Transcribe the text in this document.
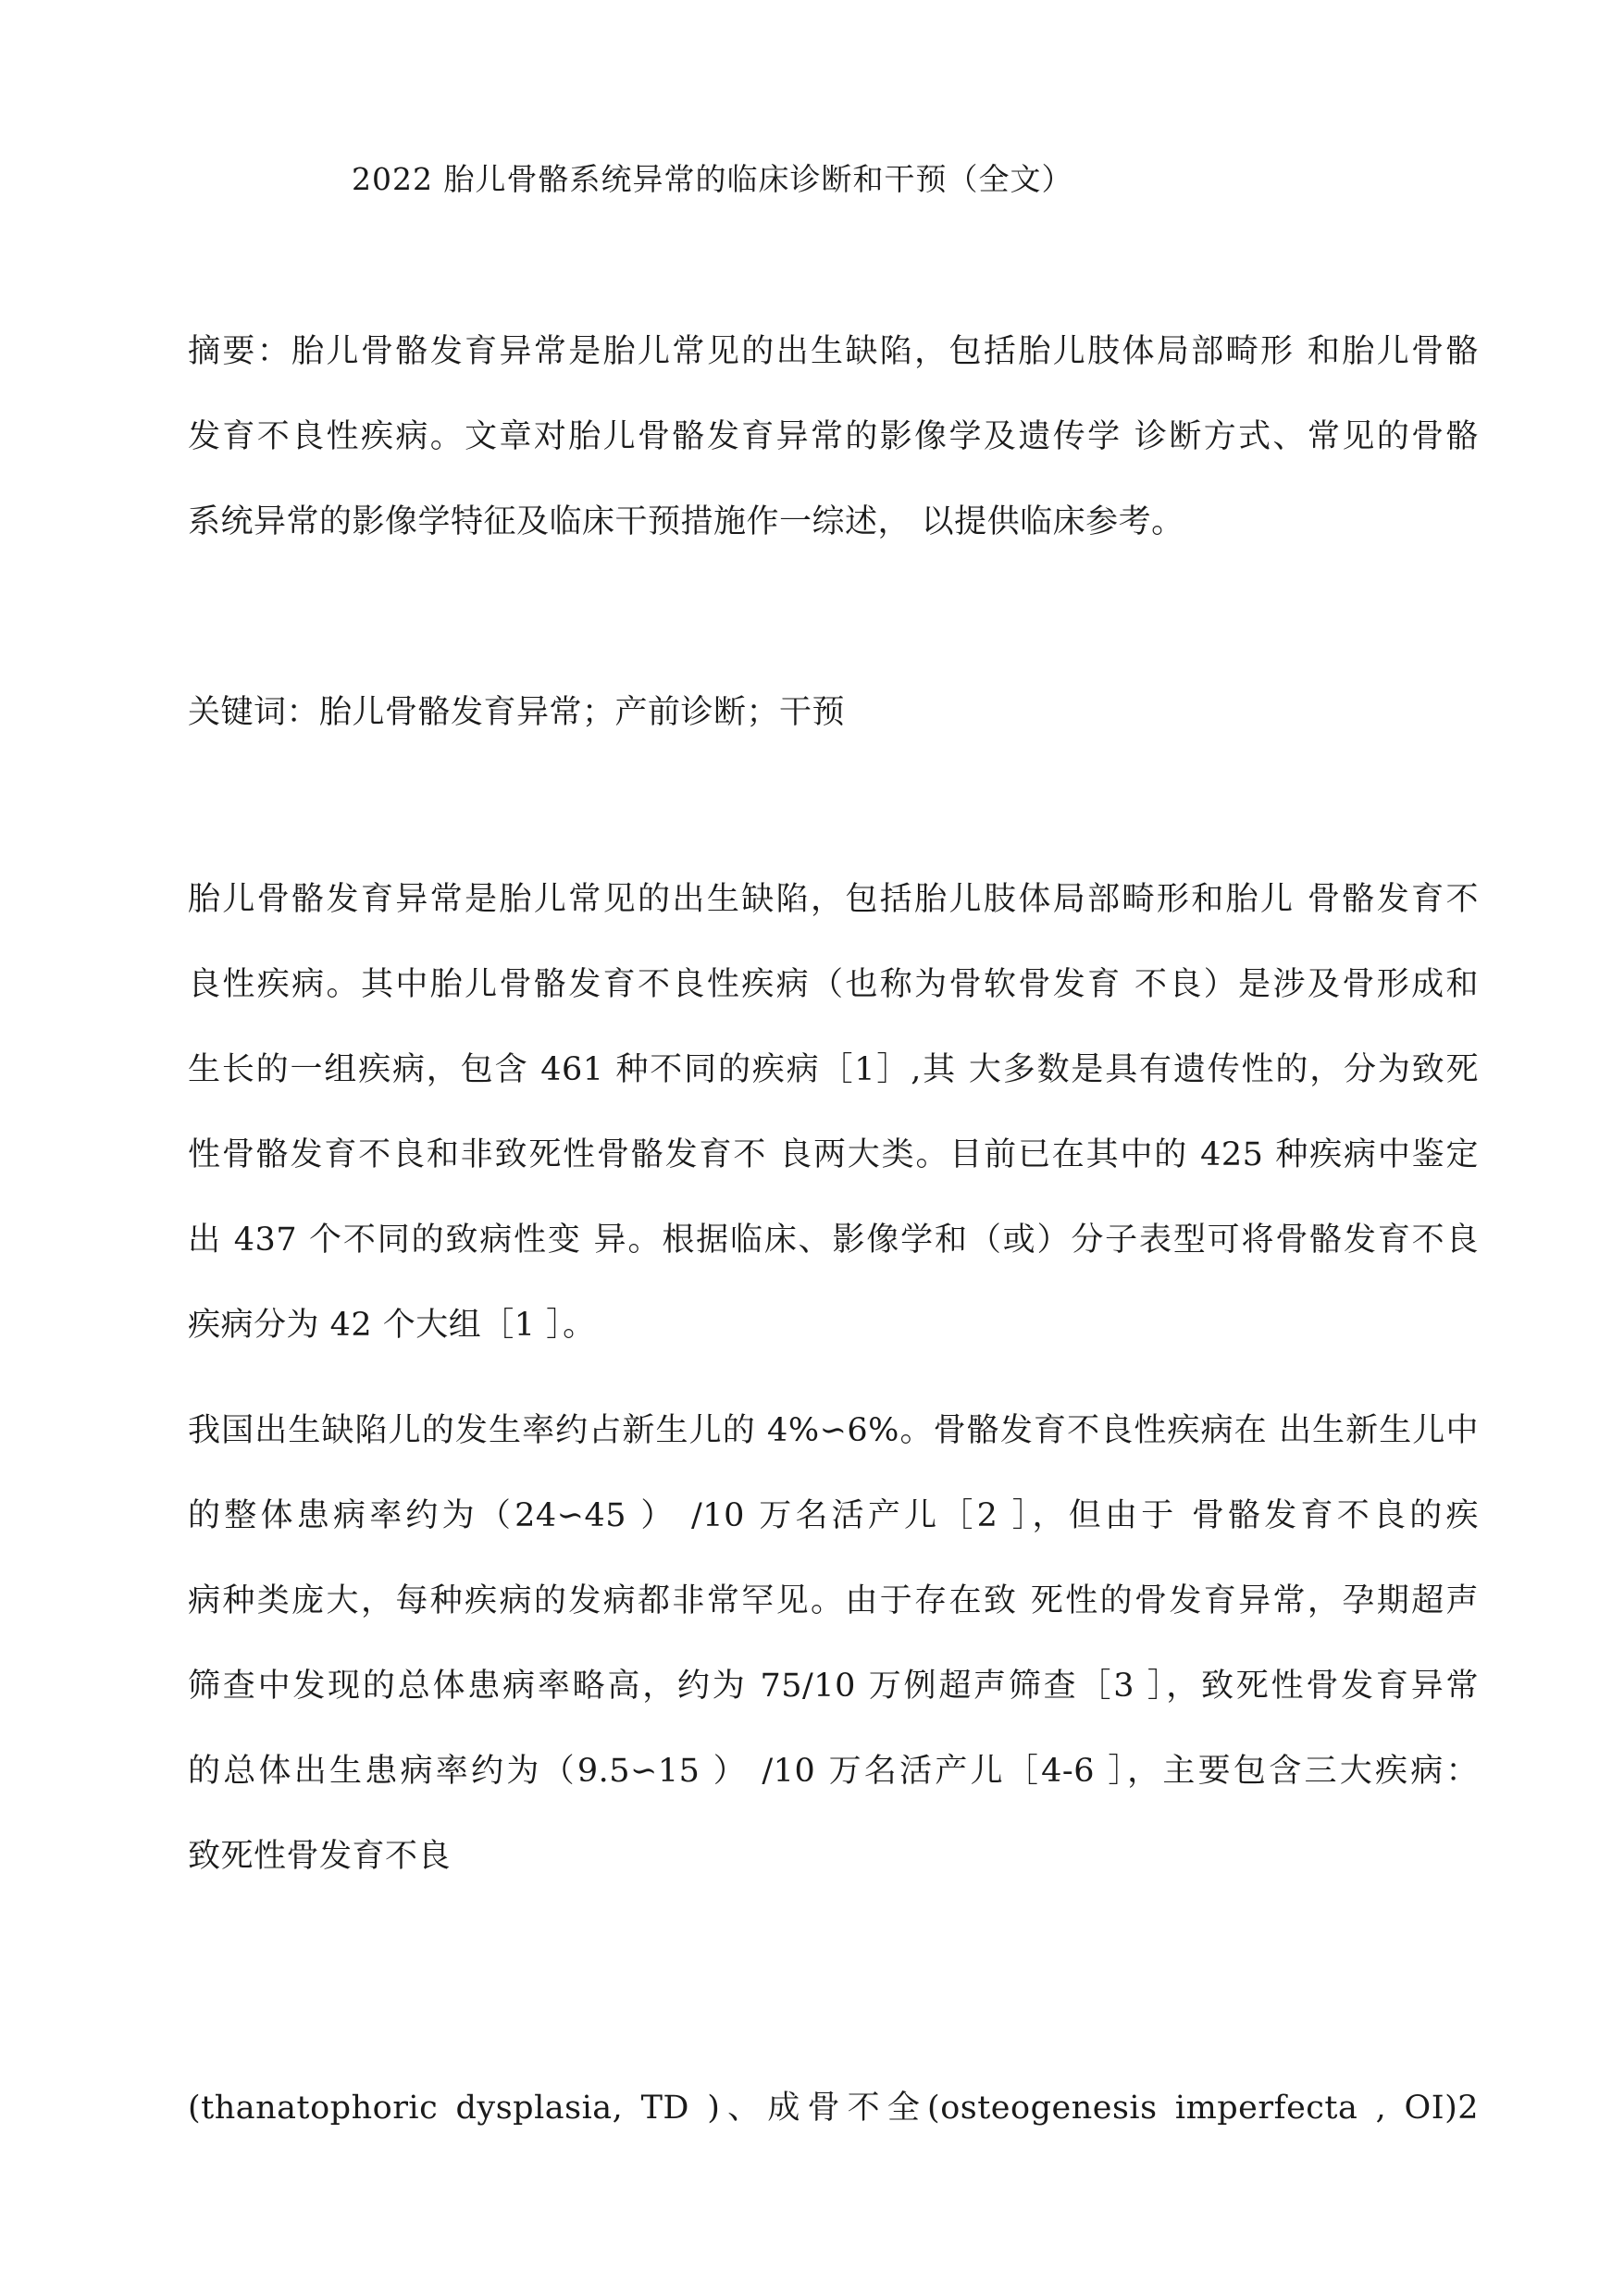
2022 胎儿骨骼系统异常的临床诊断和干预（全文）
摘要：胎儿骨骼发育异常是胎儿常见的出生缺陷，包括胎儿肢体局部畸形 和胎儿骨骼
发育不良性疾病。文章对胎儿骨骼发育异常的影像学及遗传学 诊断方式、常见的骨骼
系统异常的影像学特征及临床干预措施作一综述， 以提供临床参考。
关键词：胎儿骨骼发育异常；产前诊断；干预
胎儿骨骼发育异常是胎儿常见的出生缺陷，包括胎儿肢体局部畸形和胎儿 骨骼发育不
良性疾病。其中胎儿骨骼发育不良性疾病（也称为骨软骨发育 不良）是涉及骨形成和
生长的一组疾病，包含 461 种不同的疾病［1］,其 大多数是具有遗传性的，分为致死
性骨骼发育不良和非致死性骨骼发育不 良两大类。目前已在其中的 425 种疾病中鉴定
出 437 个不同的致病性变 异。根据临床、影像学和（或）分子表型可将骨骼发育不良
疾病分为 42 个大组［1 ］。
我国出生缺陷儿的发生率约占新生儿的 4%∽6%。骨骼发育不良性疾病在 出生新生儿中
的整体患病率约为（24∽45 ） /10 万名活产儿［2 ］，但由于 骨骼发育不良的疾
病种类庞大，每种疾病的发病都非常罕见。由于存在致 死性的骨发育异常，孕期超声
筛查中发现的总体患病率略高，约为 75/10 万例超声筛查［3 ］，致死性骨发育异常
的总体出生患病率约为（9.5∽15 ） /10 万名活产儿［4-6 ］，主要包含三大疾病：
致死性骨发育不良
(thanatophoric dysplasia, TD )、成骨不全(osteogenesis imperfecta , OI)2
